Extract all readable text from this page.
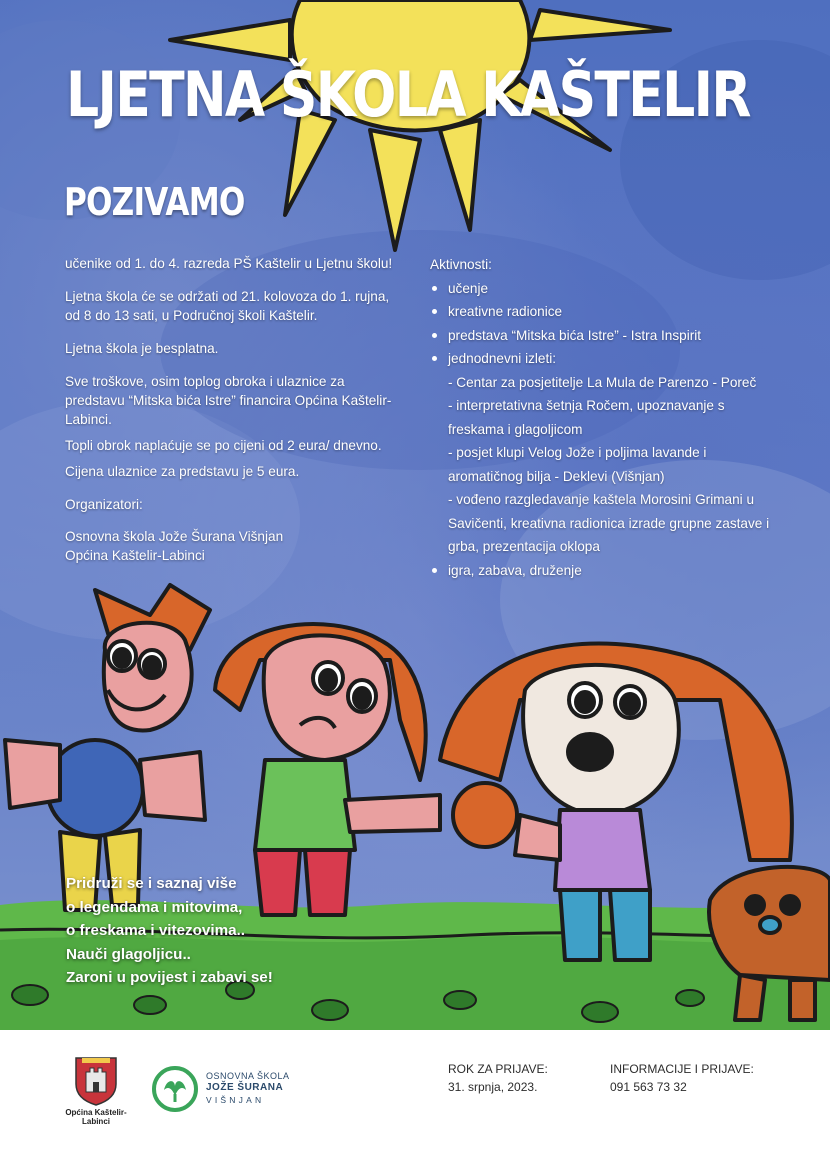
LJETNA ŠKOLA KAŠTELIR
POZIVAMO

učenike od 1. do 4. razreda PŠ Kaštelir u Ljetnu školu!

Ljetna škola će se održati od 21. kolovoza do 1. rujna, od 8 do 13 sati, u Područnoj školi Kaštelir.

Ljetna škola je besplatna.

Sve troškove, osim toplog obroka i ulaznice za predstavu “Mitska bića Istre” financira Općina Kaštelir-Labinci.

Topli obrok naplaćuje se po cijeni od 2 eura/ dnevno.

Cijena ulaznice za predstavu je 5 eura.

Organizatori:
Osnovna škola Jože Šurana Višnjan
Općina Kaštelir-Labinci
Aktivnosti:
učenje
kreativne radionice
predstava “Mitska bića Istre” - Istra Inspirit
jednodnevni izleti:
- Centar za posjetitelje La Mula de Parenzo - Poreč
- interpretativna šetnja Ročem, upoznavanje s freskama i glagoljicom
- posjet klupi Velog Jože i poljima lavande i aromatičnog bilja - Deklevi (Višnjan)
- vođeno razgledavanje kaštela Morosini Grimani u Savičenti, kreativna radionica izrade grupne zastave i grba, prezentacija oklopa
igra, zabava, druženje
Pridruži se i saznaj više
o legendama i mitovima,
o freskama i vitezovima..
Nauči glagoljicu..
Zaroni u povijest i zabavi se!
Općina Kaštelir-Labinci
OSNOVNA ŠKOLA
JOŽE ŠURANA
VIŠNJAN
ROK ZA PRIJAVE:
31. srpnja, 2023.
INFORMACIJE I PRIJAVE:
091 563 73 32
